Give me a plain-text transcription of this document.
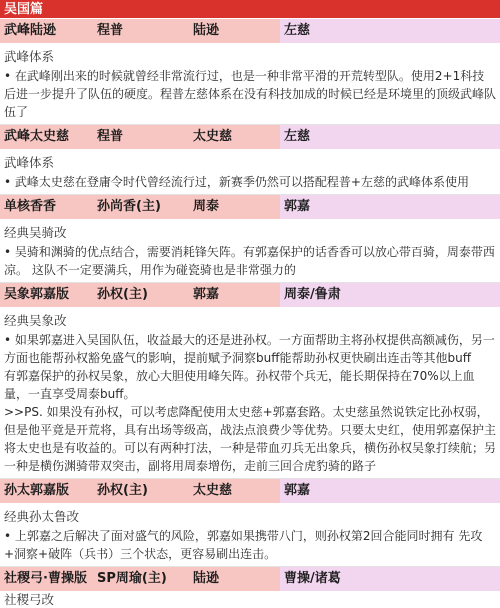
吴国篇
武峰陆逊	程普	陆逊	左慈
武峰体系

• 在武峰刚出来的时候就曾经非常流行过，也是一种非常平滑的开荒转型队。使用2+1科技后进一步提升了队伍的硬度。程普左慈体系在没有科技加成的时候已经是环境里的顶级武峰队伍了

武峰太史慈	程普	太史慈	左慈
武峰体系

• 武峰太史慈在登庸令时代曾经流行过，新赛季仍然可以搭配程普+左慈的武峰体系使用

单核香香	孙尚香(主)	周泰	郭嘉
经典吴骑改

• 吴骑和渊骑的优点结合，需要消耗锋矢阵。有郭嘉保护的话香香可以放心带百骑，周泰带西凉。 这队不一定要满兵，用作为碰瓷骑也是非常强力的

吴象郭嘉版	孙权(主)	郭嘉	周泰/鲁肃
经典吴象改

• 如果郭嘉进入吴国队伍，收益最大的还是进孙权。一方面帮助主将孙权提供高额减伤，另一方面也能帮孙权豁免盛气的影响，提前赋予洞察buff能帮助孙权更快刷出连击等其他buff

有郭嘉保护的孙权吴象，放心大胆使用峰矢阵。孙权带个兵无，能长期保持在70%以上血量，一直享受周泰buff。

>>PS. 如果没有孙权，可以考虑降配使用太史慈+郭嘉套路。太史慈虽然说铁定比孙权弱，但是他平竟是开荒将，具有出场等级高，战法点浪费少等优势。只要太史红，使用郭嘉保护主将太史也是有收益的。可以有两种打法，一种是带血刃兵无出象兵，横伤孙权吴象打续航；另一种是横伤渊骑带双突击，副将用周泰增伤，走前三回合虎豹骑的路子

孙太郭嘉版	孙权(主)	太史慈	郭嘉
经典孙太鲁改

• 上郭嘉之后解决了面对盛气的风险，郭嘉如果携带八门，则孙权第2回合能同时拥有 先攻+洞察+破阵（兵书）三个状态，更容易刷出连击。

社稷弓·曹操版 SP周瑜(主)	陆逊	曹操/诸葛
社稷弓改
